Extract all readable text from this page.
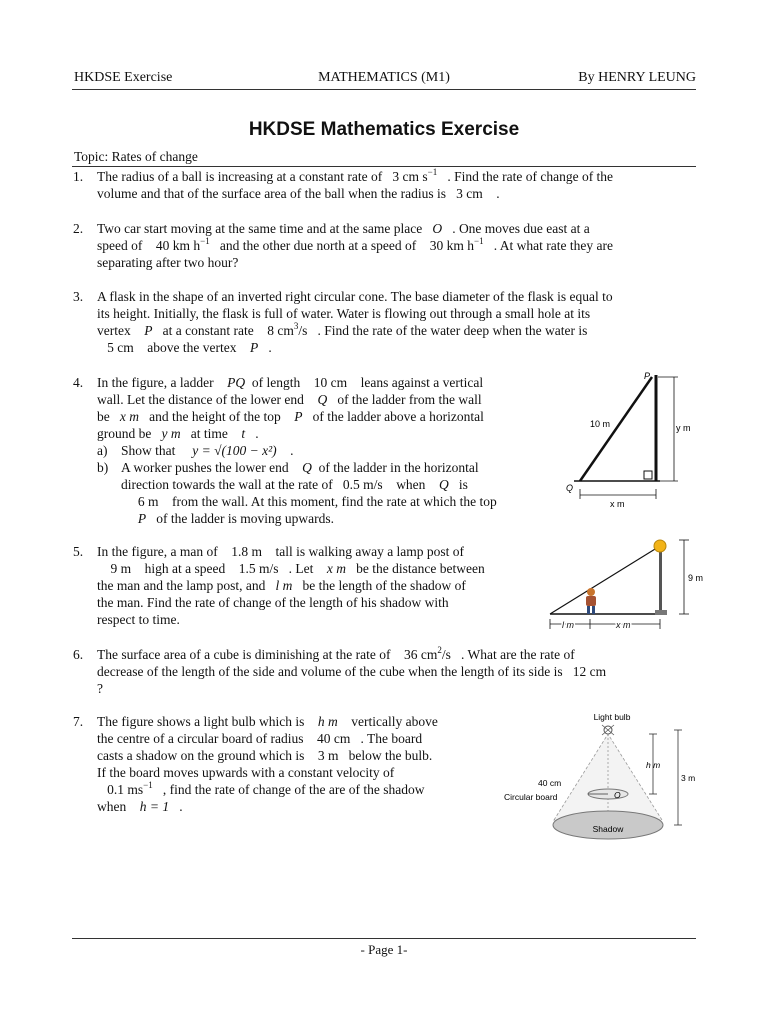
HKDSE Exercise	MATHEMATICS (M1)	By HENRY LEUNG
HKDSE Mathematics Exercise
Topic: Rates of change
1. The radius of a ball is increasing at a constant rate of 3 cm $s^{-1}$ . Find the rate of change of the
volume and that of the surface area of the ball when the radius is 3 cm .
2. Two car start moving at the same time and at the same place O . One moves due east at a
speed of 40 km $h^{-1}$ and the other due north at a speed of 30 km $h^{-1}$ . At what rate they are
separating after two hour?
3. A flask in the shape of an inverted right circular cone. The base diameter of the flask is equal to
its height. Initially, the flask is full of water. Water is flowing out through a small hole at its
vertex P at a constant rate 8 $cm^3/s$ . Find the rate of the water deep when the water is
5 cm above the vertex P .
4. In the figure, a ladder PQ of length 10 cm leans against a vertical
wall. Let the distance of the lower end Q of the ladder from the wall
be x m and the height of the top P of the ladder above a horizontal
ground be y m at time t .
a) Show that y = √(100 − x²) .
b) A worker pushes the lower end Q of the ladder in the horizontal
direction towards the wall at the rate of 0.5 m/s when Q is
6 m from the wall. At this moment, find the rate at which the top
P of the ladder is moving upwards.
P
Q
10 m	y m
x m
5. In the figure, a man of 1.8 m tall is walking away a lamp post of
9 m high at a speed 1.5 m/s . Let x m be the distance between
the man and the lamp post, and l m be the length of the shadow of
the man. Find the rate of change of the length of his shadow with
respect to time.
9 m
l m	x m
6. The surface area of a cube is diminishing at the rate of 36 $cm^2/s$ . What are the rate of
decrease of the length of the side and volume of the cube when the length of its side is 12 cm
?
7. The figure shows a light bulb which is h m vertically above
the centre of a circular board of radius 40 cm . The board
casts a shadow on the ground which is 3 m below the bulb.
If the board moves upwards with a constant velocity of
0.1 $ms^{-1}$ , find the rate of change of the are of the shadow
when h = 1 .
Light bulb
h m
3 m
40 cm
Circular board	O
Shadow
- Page 1-
